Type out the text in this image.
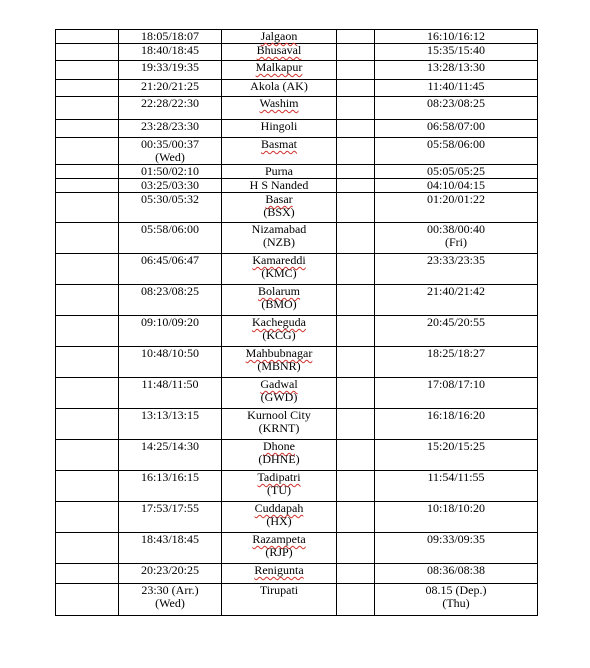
	18:05/18:07	Jalgaon		16:10/16:12

	18:40/18:45	Bhusaval		15:35/15:40

	19:33/19:35	Malkapur		13:28/13:30

	21:20/21:25	Akola (AK)		11:40/11:45

	22:28/22:30	Washim		08:23/08:25

	23:28/23:30	Hingoli		06:58/07:00

	00:35/00:37
(Wed)	Basmat		05:58/06:00

	01:50/02:10	Purna		05:05/05:25

	03:25/03:30	H S Nanded		04:10/04:15

	05:30/05:32	Basar
(BSX)		01:20/01:22

	05:58/06:00	Nizamabad
(NZB)		00:38/00:40
(Fri)

	06:45/06:47	Kamareddi
(KMC)		23:33/23:35

	08:23/08:25	Bolarum
(BMO)		21:40/21:42

	09:10/09:20	Kacheguda
(KCG)		20:45/20:55

	10:48/10:50	Mahbubnagar
(MBNR)		18:25/18:27

	11:48/11:50	Gadwal
(GWD)		17:08/17:10

	13:13/13:15	Kurnool City
(KRNT)		16:18/16:20

	14:25/14:30	Dhone
(DHNE)		15:20/15:25

	16:13/16:15	Tadipatri
(TU)		11:54/11:55

	17:53/17:55	Cuddapah
(HX)		10:18/10:20

	18:43/18:45	Razampeta
(RJP)		09:33/09:35

	20:23/20:25	Renigunta		08:36/08:38

	23:30 (Arr.)
(Wed)	Tirupati		08.15 (Dep.)
(Thu)
